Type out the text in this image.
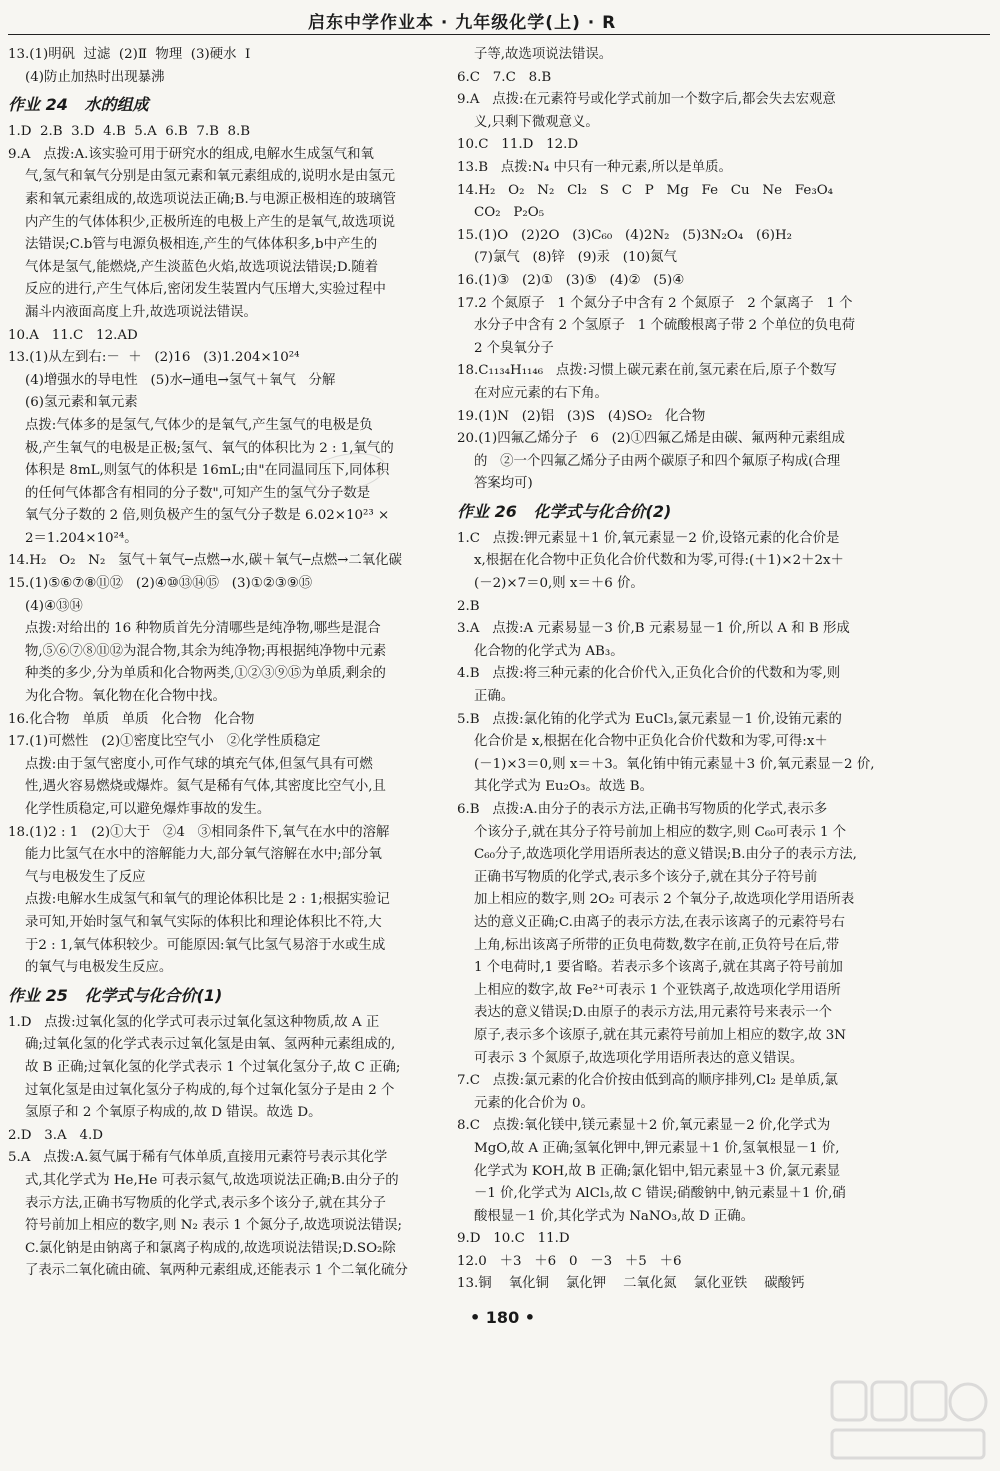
启东中学作业本 · 九年级化学(上) · R
13.(1)明矾  过滤  (2)Ⅱ  物理  (3)硬水  Ⅰ
(4)防止加热时出现暴沸
作业 24   水的组成
1.D  2.B  3.D  4.B  5.A  6.B  7.B  8.B
9.A   点拨:A.该实验可用于研究水的组成,电解水生成氢气和氧
气,氢气和氧气分别是由氢元素和氧元素组成的,说明水是由氢元
素和氧元素组成的,故选项说法正确;B.与电源正极相连的玻璃管
内产生的气体体积少,正极所连的电极上产生的是氧气,故选项说
法错误;C.b管与电源负极相连,产生的气体体积多,b中产生的
气体是氢气,能燃烧,产生淡蓝色火焰,故选项说法错误;D.随着
反应的进行,产生气体后,密闭发生装置内气压增大,实验过程中
漏斗内液面高度上升,故选项说法错误。
10.A   11.C   12.AD
13.(1)从左到右:－  ＋   (2)16   (3)1.204×10²⁴
(4)增强水的导电性   (5)水─通电→氢气＋氧气   分解
(6)氢元素和氧元素
点拨:气体多的是氢气,气体少的是氧气,产生氢气的电极是负
极,产生氧气的电极是正极;氢气、氧气的体积比为 2 : 1,氧气的
体积是 8mL,则氢气的体积是 16mL;由"在同温同压下,同体积
的任何气体都含有相同的分子数",可知产生的氢气分子数是
氧气分子数的 2 倍,则负极产生的氢气分子数是 6.02×10²³ ×
2＝1.204×10²⁴。
14.H₂   O₂   N₂   氢气＋氧气─点燃→水,碳＋氧气─点燃→二氧化碳
15.(1)⑤⑥⑦⑧⑪⑫   (2)④⑩⑬⑭⑮   (3)①②③⑨⑮
(4)④⑬⑭
点拨:对给出的 16 种物质首先分清哪些是纯净物,哪些是混合
物,⑤⑥⑦⑧⑪⑫为混合物,其余为纯净物;再根据纯净物中元素
种类的多少,分为单质和化合物两类,①②③⑨⑮为单质,剩余的
为化合物。氧化物在化合物中找。
16.化合物   单质   单质   化合物   化合物
17.(1)可燃性   (2)①密度比空气小   ②化学性质稳定
点拨:由于氢气密度小,可作气球的填充气体,但氢气具有可燃
性,遇火容易燃烧或爆炸。氦气是稀有气体,其密度比空气小,且
化学性质稳定,可以避免爆炸事故的发生。
18.(1)2 : 1   (2)①大于   ②4   ③相同条件下,氧气在水中的溶解
能力比氢气在水中的溶解能力大,部分氧气溶解在水中;部分氧
气与电极发生了反应
点拨:电解水生成氢气和氧气的理论体积比是 2 : 1;根据实验记
录可知,开始时氢气和氧气实际的体积比和理论体积比不符,大
于2 : 1,氧气体积较少。可能原因:氧气比氢气易溶于水或生成
的氧气与电极发生反应。
作业 25   化学式与化合价(1)
1.D   点拨:过氧化氢的化学式可表示过氧化氢这种物质,故 A 正
确;过氧化氢的化学式表示过氧化氢是由氧、氢两种元素组成的,
故 B 正确;过氧化氢的化学式表示 1 个过氧化氢分子,故 C 正确;
过氧化氢是由过氧化氢分子构成的,每个过氧化氢分子是由 2 个
氢原子和 2 个氧原子构成的,故 D 错误。故选 D。
2.D   3.A   4.D
5.A   点拨:A.氦气属于稀有气体单质,直接用元素符号表示其化学
式,其化学式为 He,He 可表示氦气,故选项说法正确;B.由分子的
表示方法,正确书写物质的化学式,表示多个该分子,就在其分子
符号前加上相应的数字,则 N₂ 表示 1 个氮分子,故选项说法错误;
C.氯化钠是由钠离子和氯离子构成的,故选项说法错误;D.SO₂除
了表示二氧化硫由硫、氧两种元素组成,还能表示 1 个二氧化硫分
子等,故选项说法错误。
6.C   7.C   8.B
9.A   点拨:在元素符号或化学式前加一个数字后,都会失去宏观意
义,只剩下微观意义。
10.C   11.D   12.D
13.B   点拨:N₄ 中只有一种元素,所以是单质。
14.H₂   O₂   N₂   Cl₂   S   C   P   Mg   Fe   Cu   Ne   Fe₃O₄
CO₂   P₂O₅
15.(1)O   (2)2O   (3)C₆₀   (4)2N₂   (5)3N₂O₄   (6)H₂
(7)氯气   (8)锌   (9)汞   (10)氮气
16.(1)③   (2)①   (3)⑤   (4)②   (5)④
17.2 个氮原子   1 个氮分子中含有 2 个氮原子   2 个氯离子   1 个
水分子中含有 2 个氢原子   1 个硫酸根离子带 2 个单位的负电荷
2 个臭氧分子
18.C₁₁₃₄H₁₁₄₆   点拨:习惯上碳元素在前,氢元素在后,原子个数写
在对应元素的右下角。
19.(1)N   (2)铝   (3)S   (4)SO₂   化合物
20.(1)四氟乙烯分子   6   (2)①四氟乙烯是由碳、氟两种元素组成
的   ②一个四氟乙烯分子由两个碳原子和四个氟原子构成(合理
答案均可)
作业 26   化学式与化合价(2)
1.C   点拨:钾元素显＋1 价,氧元素显－2 价,设铬元素的化合价是
x,根据在化合物中正负化合价代数和为零,可得:(＋1)×2＋2x＋
(－2)×7＝0,则 x＝＋6 价。
2.B
3.A   点拨:A 元素易显－3 价,B 元素易显－1 价,所以 A 和 B 形成
化合物的化学式为 AB₃。
4.B   点拨:将三种元素的化合价代入,正负化合价的代数和为零,则
正确。
5.B   点拨:氯化铕的化学式为 EuCl₃,氯元素显－1 价,设铕元素的
化合价是 x,根据在化合物中正负化合价代数和为零,可得:x＋
(－1)×3＝0,则 x＝＋3。氧化铕中铕元素显＋3 价,氧元素显－2 价,
其化学式为 Eu₂O₃。故选 B。
6.B   点拨:A.由分子的表示方法,正确书写物质的化学式,表示多
个该分子,就在其分子符号前加上相应的数字,则 C₆₀可表示 1 个
C₆₀分子,故选项化学用语所表达的意义错误;B.由分子的表示方法,
正确书写物质的化学式,表示多个该分子,就在其分子符号前
加上相应的数字,则 2O₂ 可表示 2 个氧分子,故选项化学用语所表
达的意义正确;C.由离子的表示方法,在表示该离子的元素符号右
上角,标出该离子所带的正负电荷数,数字在前,正负符号在后,带
1 个电荷时,1 要省略。若表示多个该离子,就在其离子符号前加
上相应的数字,故 Fe²⁺可表示 1 个亚铁离子,故选项化学用语所
表达的意义错误;D.由原子的表示方法,用元素符号来表示一个
原子,表示多个该原子,就在其元素符号前加上相应的数字,故 3N
可表示 3 个氮原子,故选项化学用语所表达的意义错误。
7.C   点拨:氯元素的化合价按由低到高的顺序排列,Cl₂ 是单质,氯
元素的化合价为 0。
8.C   点拨:氧化镁中,镁元素显＋2 价,氧元素显－2 价,化学式为
MgO,故 A 正确;氢氧化钾中,钾元素显＋1 价,氢氧根显－1 价,
化学式为 KOH,故 B 正确;氯化铝中,铝元素显＋3 价,氯元素显
－1 价,化学式为 AlCl₃,故 C 错误;硝酸钠中,钠元素显＋1 价,硝
酸根显－1 价,其化学式为 NaNO₃,故 D 正确。
9.D   10.C   11.D
12.0   ＋3   ＋6   0   －3   ＋5   ＋6
13.铜    氧化铜    氯化钾    二氧化氮    氯化亚铁    碳酸钙
• 180 •
